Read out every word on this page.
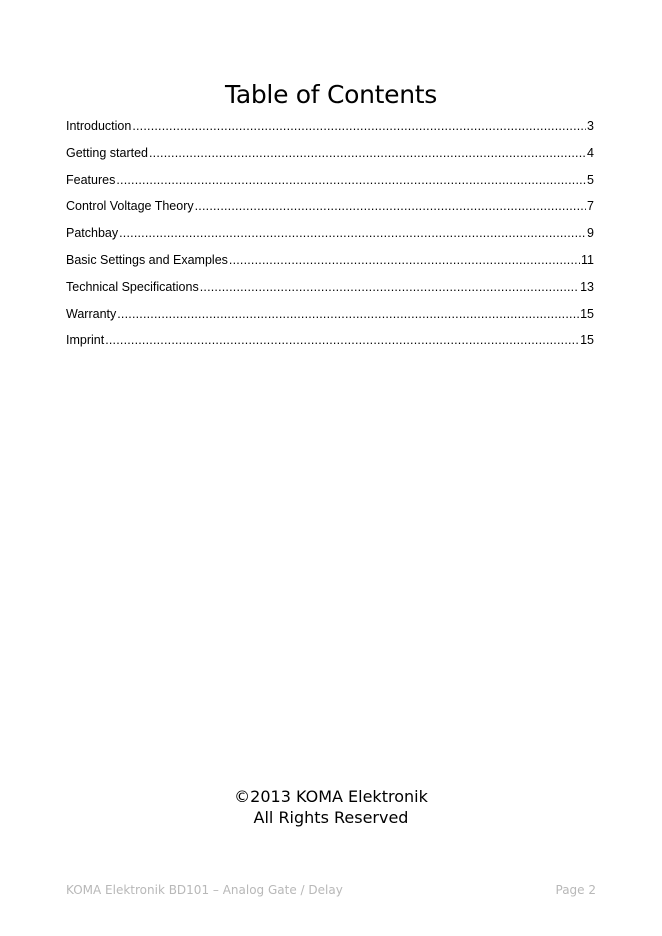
Table of Contents
Introduction .....	3
Getting started .....	4
Features .....	5
Control Voltage Theory .....	7
Patchbay .....	9
Basic Settings and Examples .....	11
Technical Specifications .....	13
Warranty .....	15
Imprint .....	15
©2013 KOMA Elektronik
All Rights Reserved
KOMA Elektronik BD101 – Analog Gate / Delay	Page 2
